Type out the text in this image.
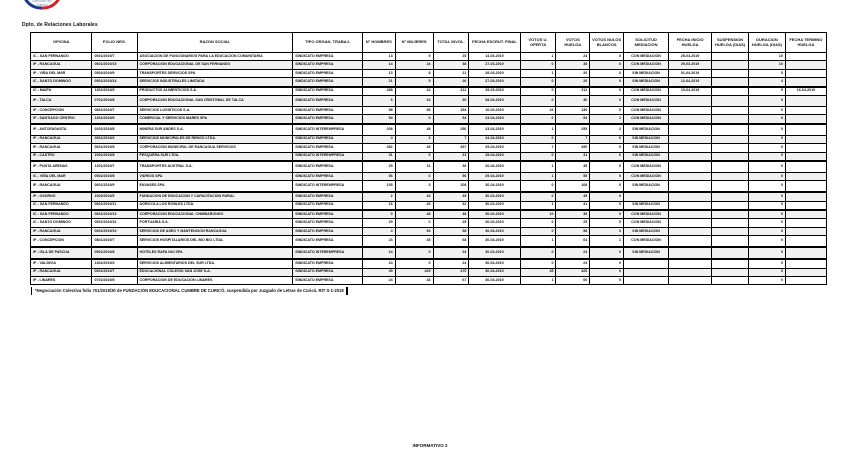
Dirección del
Trabajo
Dpto. de Relaciones Laborales
OFICINA	FOLIO NEG.	RAZON SOCIAL	TIPO ORGAN. TRABAJ.	N° HOMBRES	N° MUJERES	TOTAL INVOL.	FECHA ESCRUT. FINAL	VOTOS U. OFERTA	VOTOS HUELGA	VOTOS NULOS BLANCOS	SOLICITUD MEDIACION	FECHA INICIO HUELGA	SUSPENSION HUELGA (DIAS)	DURACION HUELGA (DIAS)	FECHA TERMINO HUELGA
IC - SAN FERNANDO	0601/2019/7	ASOCIACIÓN DE FUNCIONARIOS PARA LA EDUCACION COMUNITARIA	SINDICATO EMPRESA	13	9	25	14-03-2019	1	24	0	CON MEDIACION	25-03-2019		10	
IP - RANCAGUA	0601/2019/15	CORPORACION EDUCACIONAL DE SAN FERNANDO	SINDICATO EMPRESA	14	24	38	27-03-2019	0	38	0	CON MEDIACION	29-03-2019		10	
IP - VIÑA DEL MAR	0502/2019/9	TRANSPORTES SERVICIOS SPA	SINDICATO EMPRESA	13	8	21	28-03-2019	1	20	0	SIN MEDIACION	01-04-2019		5	
IC - SANTO DOMINGO	0501/2019/14	SERVICIOS INDUSTRIALES LIMITADA	SINDICATO EMPRESA	21	5	26	27-03-2019	0	26	0	SIN MEDIACION	12-04-2019		4	
IC - MAIPU	1302/2019/3	PRODUCTOS ALIMENTICIOS S.A.	SINDICATO EMPRESA	288	24	312	29-03-2019	0	312	0	CON MEDIACION	10-04-2019		5	16-04-2019
IP - TALCA	0701/2019/8	CORPORACION EDUCACIONAL SAN CRISTOBAL DE TALCA	SINDICATO EMPRESA	6	24	30	08-04-2019	0	30	0	CON MEDIACION			0	
IP - CONCEPCION	0801/2019/7	SERVICIOS LOGISTICOS S.A.	SINDICATO EMPRESA	58	96	154	10-04-2019	24	130	0	CON MEDIACION			0	
IP - SANTIAGO CENTRO	1301/2019/6	COMERCIAL Y SERVICIOS MARES SPA	SINDICATO EMPRESA	54	0	54	23-04-2019	0	54	1	CON MEDIACION			0	
IP - ANTOFAGASTA	0201/2019/8	MINERA SUR ANDES S.A.	SINDICATO INTEREMPRESA	208	48	256	23-04-2019	1	255	2	SIN MEDIACION			0	
IP - RANCAGUA	0601/2019/4	SERVICIOS MUNICIPALES DE RENGO LTDA.	SINDICATO EMPRESA	4	3	7	24-04-2019	0	7	0	SIN MEDIACION			0	
IP - RANCAGUA	0601/2019/8	CORPORACION MUNICIPAL DE RANCAGUA SERVICIOS	SINDICATO EMPRESA	452	45	497	25-04-2019	7	490	0	SIN MEDIACION			0	
IP - CASTRO	1001/2019/8	PESQUERA SUR LTDA.	SINDICATO INTEREMPRESA	31	0	31	25-04-2019	0	31	0	SIN MEDIACION			0	
IP - PUNTA ARENAS	1201/2019/7	TRANSPORTES AUSTRAL S.A.	SINDICATO EMPRESA	25	11	36	26-04-2019	1	35	0	CON MEDIACION			0	
IC - VIÑA DEL MAR	0502/2019/8	VIDRIOS SPA	SINDICATO EMPRESA	56	0	56	29-04-2019	1	55	0	CON MEDIACION			0	
IP - RANCAGUA	0601/2019/9	ENVASES SPA	SINDICATO INTEREMPRESA	105	3	108	30-04-2019	0	108	0	SIN MEDIACION			0	
IP - OSORNO	1003/2019/5	FUNDACION DE EDUCACION Y CAPACITACION RURAL	SINDICATO EMPRESA	2	43	45	30-04-2019	0	45	0				0	
IC - SAN FERNANDO	0601/2019/11	AGRICOLA LOS ROBLES LTDA.	SINDICATO EMPRESA	16	26	42	30-04-2019	1	41	0	SIN MEDIACION			0	
IC - SAN FERNANDO	0601/2019/13	CORPORACION EDUCACIONAL CHIMBARONGO	SINDICATO EMPRESA	0	48	48	30-04-2019	10	38	0	CON MEDIACION			0	
IC - SANTO DOMINGO	0501/2019/16	PORTUARIA S.A.	SINDICATO EMPRESA	25	0	25	30-04-2019	0	25	0	CON MEDIACION			0	
IP - RANCAGUA	0601/2019/10	SERVICIOS DE ASEO Y MANTENCION RANCAGUA	SINDICATO EMPRESA	4	54	58	30-04-2019	0	58	0	SIN MEDIACION			0	
IP - CONCEPCION	0801/2019/7	SERVICIOS HOSPITALARIOS DEL BIO BIO LTDA.	SINDICATO EMPRESA	23	45	68	30-04-2019	1	64	1	CON MEDIACION			0	
IP - ISLA DE PASCUA	0501/2019/8	HOTELES RAPA NUI SPA	SINDICATO INTEREMPRESA	24	0	24	30-04-2019	0	24	0	SIN MEDIACION			0	
IP - VALDIVIA	1401/2019/4	SERVICIOS ALIMENTARIOS DEL SUR LTDA.	SINDICATO EMPRESA	24	0	24	30-04-2019	0	24	0				0	
IP - RANCAGUA	0601/2019/7	EDUCACIONAL COLEGIO SAN JOSE S.A.	SINDICATO EMPRESA	45	425	470	30-04-2019	45	425	0				0	
IP - LINARES	0702/2019/8	CORPORACION DE EDUCACION LINARES	SINDICATO EMPRESA	24	43	67	30-04-2019	1	66	0				0	
*Negociación Colectiva folio 701/2019/30 de FUNDACIÓN EDUCACIONAL CUMBRE DE CURICÓ, suspendida por Juzgado de Letras de Curicó, RIT S-1-2019
INFORMATIVO 2
